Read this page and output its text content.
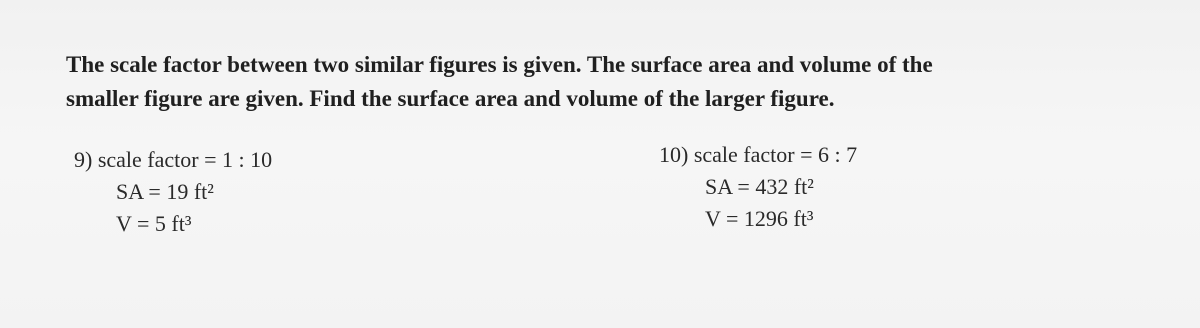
The scale factor between two similar figures is given. The surface area and volume of the
smaller figure are given. Find the surface area and volume of the larger figure.
9) scale factor = 1 : 10
SA = 19 ft²
V = 5 ft³
10) scale factor = 6 : 7
SA = 432 ft²
V = 1296 ft³
